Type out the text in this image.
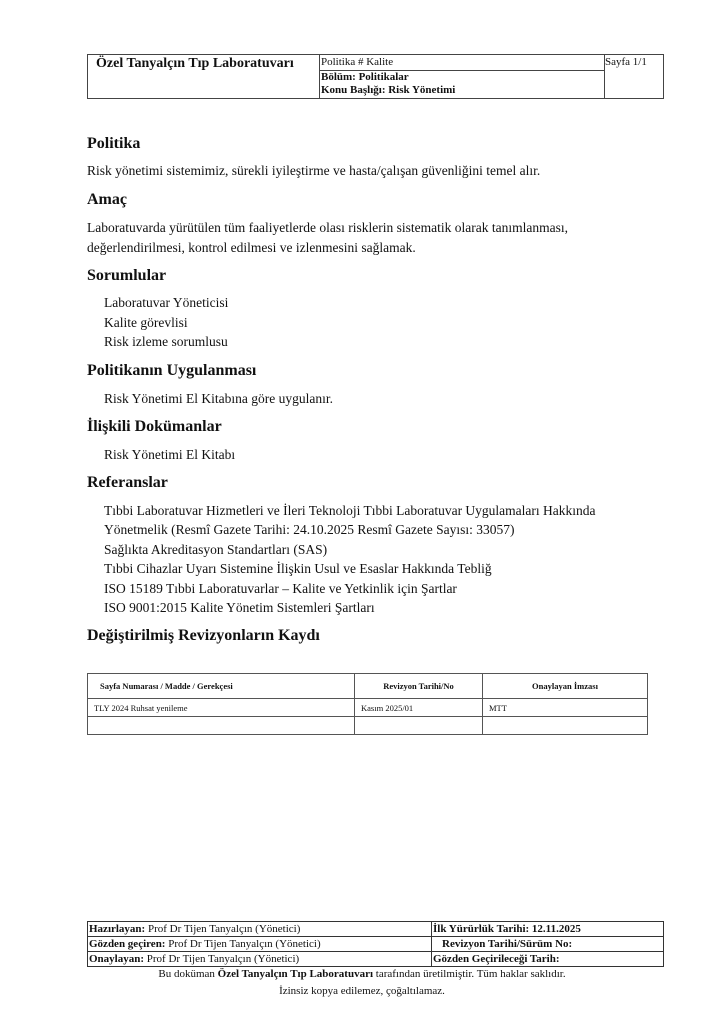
Özel Tanyalçın Tıp Laboratuvarı Politika # Kalite
Bölüm: Politikalar
Konu Başlığı: Risk Yönetimi
Sayfa 1/1
Politika
Risk yönetimi sistemimiz, sürekli iyileştirme ve hasta/çalışan güvenliğini temel alır.
Amaç
Laboratuvarda yürütülen tüm faaliyetlerde olası risklerin sistematik olarak tanımlanması,
değerlendirilmesi, kontrol edilmesi ve izlenmesini sağlamak.
Sorumlular
Laboratuvar Yöneticisi
Kalite görevlisi
Risk izleme sorumlusu
Politikanın Uygulanması
Risk Yönetimi El Kitabına göre uygulanır.
İlişkili Dokümanlar
Risk Yönetimi El Kitabı
Referanslar
Tıbbi Laboratuvar Hizmetleri ve İleri Teknoloji Tıbbi Laboratuvar Uygulamaları Hakkında
Yönetmelik (Resmî Gazete Tarihi: 24.10.2025 Resmî Gazete Sayısı: 33057)
Sağlıkta Akreditasyon Standartları (SAS)
Tıbbi Cihazlar Uyarı Sistemine İlişkin Usul ve Esaslar Hakkında Tebliğ
ISO 15189 Tıbbi Laboratuvarlar – Kalite ve Yetkinlik için Şartlar
ISO 9001:2015 Kalite Yönetim Sistemleri Şartları
Değiştirilmiş Revizyonların Kaydı
Sayfa Numarası / Madde / Gerekçesi	Revizyon Tarihi/No	Onaylayan İmzası
TLY 2024 Ruhsat yenileme	Kasım 2025/01	MTT

Hazırlayan: Prof Dr Tijen Tanyalçın (Yönetici)	İlk Yürürlük Tarihi: 12.11.2025
Gözden geçiren: Prof Dr Tijen Tanyalçın (Yönetici)	Revizyon Tarihi/Sürüm No:
Onaylayan: Prof Dr Tijen Tanyalçın (Yönetici)	Gözden Geçirileceği Tarih:
Bu doküman Özel Tanyalçın Tıp Laboratuvarı tarafından üretilmiştir. Tüm haklar saklıdır.
İzinsiz kopya edilemez, çoğaltılamaz.
